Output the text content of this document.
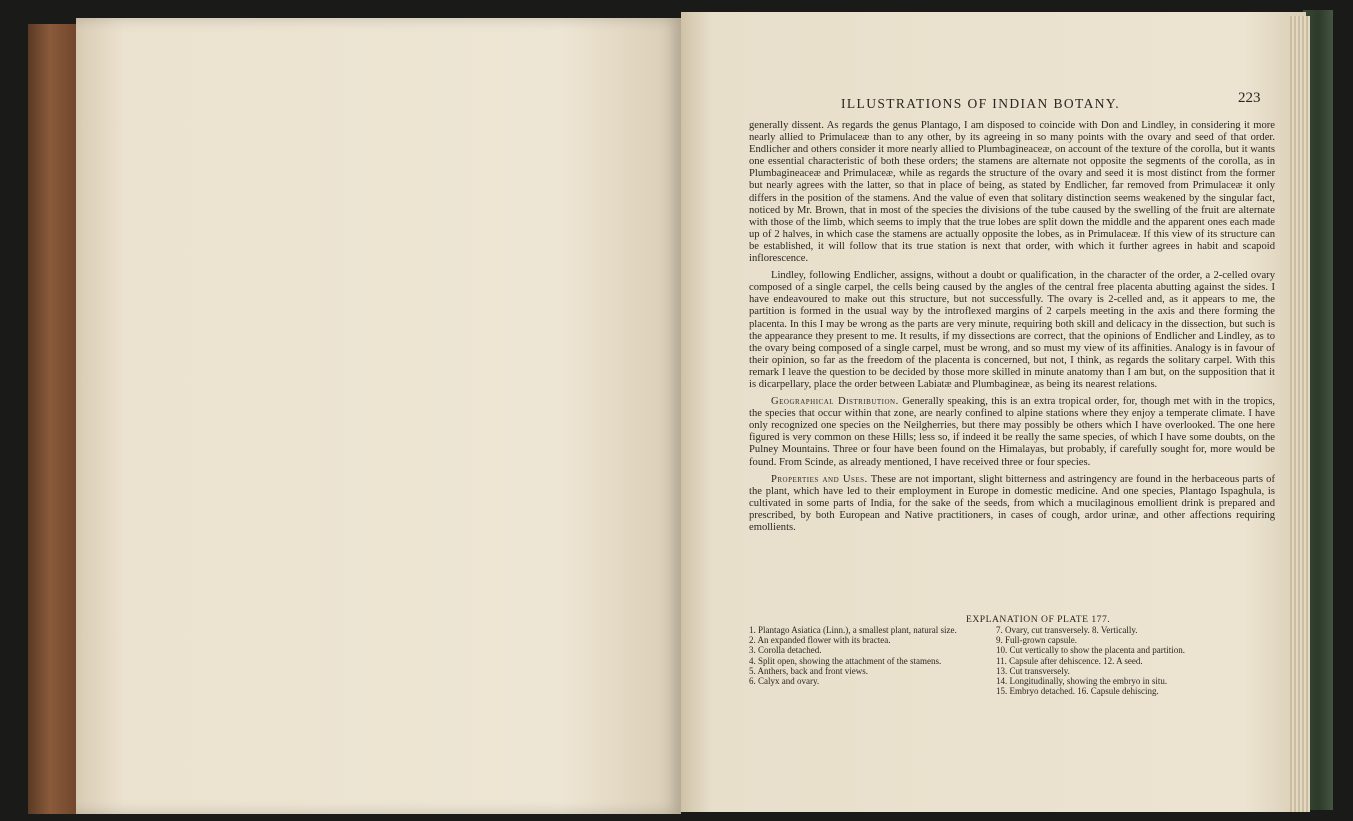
ILLUSTRATIONS OF INDIAN BOTANY.	223

generally dissent. As regards the genus Plantago, I am disposed to coincide with Don and Lindley, in considering it more nearly allied to Primulaceæ than to any other, by its agreeing in so many points with the ovary and seed of that order. Endlicher and others consider it more nearly allied to Plumbagineaceæ, on account of the texture of the corolla, but it wants one essential characteristic of both these orders; the stamens are alternate not opposite the segments of the corolla, as in Plumbagineaceæ and Primulaceæ, while as regards the structure of the ovary and seed it is most distinct from the former but nearly agrees with the latter, so that in place of being, as stated by Endlicher, far removed from Primulaceæ it only differs in the position of the stamens. And the value of even that solitary distinction seems weakened by the singular fact, noticed by Mr. Brown, that in most of the species the divisions of the tube caused by the swelling of the fruit are alternate with those of the limb, which seems to imply that the true lobes are split down the middle and the apparent ones each made up of 2 halves, in which case the stamens are actually opposite the lobes, as in Primulaceæ. If this view of its structure can be established, it will follow that its true station is next that order, with which it further agrees in habit and scapoid inflorescence.

Lindley, following Endlicher, assigns, without a doubt or qualification, in the character of the order, a 2-celled ovary composed of a single carpel, the cells being caused by the angles of the central free placenta abutting against the sides. I have endeavoured to make out this structure, but not successfully. The ovary is 2-celled and, as it appears to me, the partition is formed in the usual way by the introflexed margins of 2 carpels meeting in the axis and there forming the placenta. In this I may be wrong as the parts are very minute, requiring both skill and delicacy in the dissection, but such is the appearance they present to me. It results, if my dissections are correct, that the opinions of Endlicher and Lindley, as to the ovary being composed of a single carpel, must be wrong, and so must my view of its affinities. Analogy is in favour of their opinion, so far as the freedom of the placenta is concerned, but not, I think, as regards the solitary carpel. With this remark I leave the question to be decided by those more skilled in minute anatomy than I am but, on the supposition that it is dicarpellary, place the order between Labiatæ and Plumbagineæ, as being its nearest relations.

Geographical Distribution. Generally speaking, this is an extra tropical order, for, though met with in the tropics, the species that occur within that zone, are nearly confined to alpine stations where they enjoy a temperate climate. I have only recognized one species on the Neilgherries, but there may possibly be others which I have overlooked. The one here figured is very common on these Hills; less so, if indeed it be really the same species, of which I have some doubts, on the Pulney Mountains. Three or four have been found on the Himalayas, but probably, if carefully sought for, more would be found. From Scinde, as already mentioned, I have received three or four species.

Properties and Uses. These are not important, slight bitterness and astringency are found in the herbaceous parts of the plant, which have led to their employment in Europe in domestic medicine. And one species, Plantago Ispaghula, is cultivated in some parts of India, for the sake of the seeds, from which a mucilaginous emollient drink is prepared and prescribed, by both European and Native practitioners, in cases of cough, ardor urinæ, and other affections requiring emollients.

EXPLANATION OF PLATE 177.
1. Plantago Asiatica (Linn.), a smallest plant, natural size.
2. An expanded flower with its bractea.
3. Corolla detached.
4. Split open, showing the attachment of the stamens.
5. Anthers, back and front views.
6. Calyx and ovary.
7. Ovary, cut transversely. 8. Vertically.
9. Full-grown capsule.
10. Cut vertically to show the placenta and partition.
11. Capsule after dehiscence. 12. A seed.
13. Cut transversely.
14. Longitudinally, showing the embryo in situ.
15. Embryo detached. 16. Capsule dehiscing.
